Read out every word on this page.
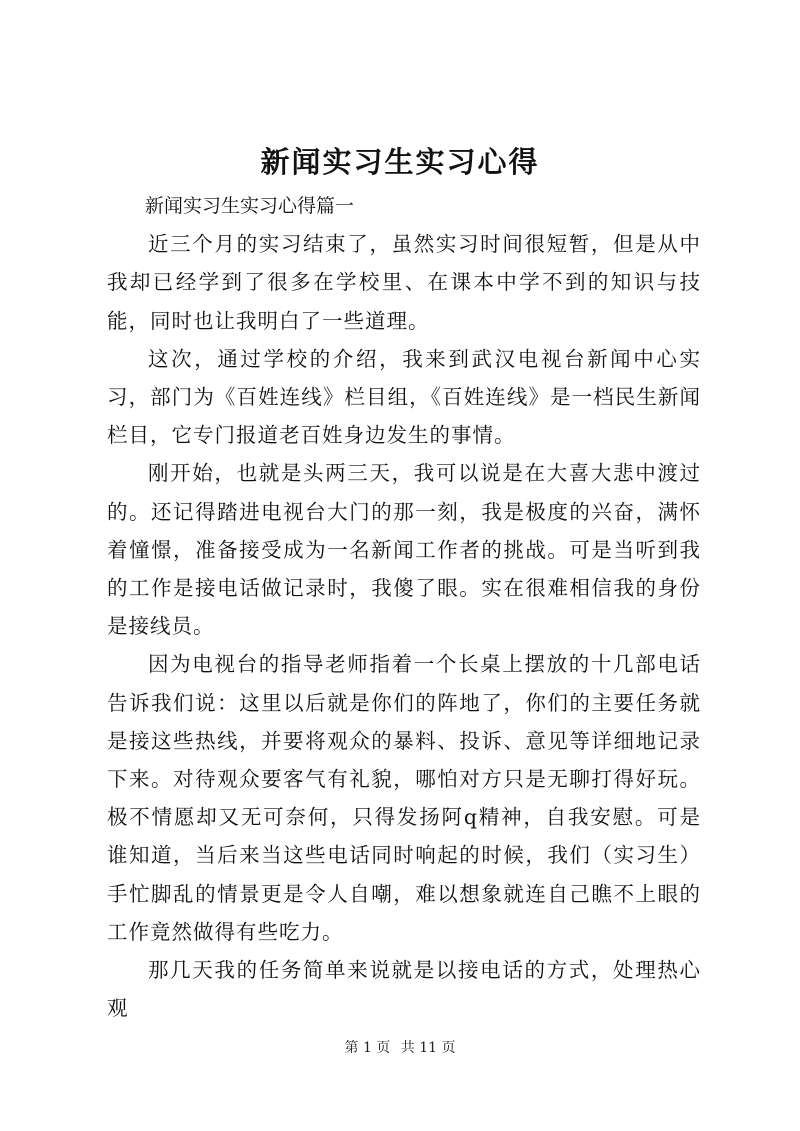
新闻实习生实习心得

新闻实习生实习心得篇一

近三个月的实习结束了，虽然实习时间很短暂，但是从中我却已经学到了很多在学校里、在课本中学不到的知识与技能，同时也让我明白了一些道理。

这次，通过学校的介绍，我来到武汉电视台新闻中心实习，部门为《百姓连线》栏目组，《百姓连线》是一档民生新闻栏目，它专门报道老百姓身边发生的事情。

刚开始，也就是头两三天，我可以说是在大喜大悲中渡过的。还记得踏进电视台大门的那一刻，我是极度的兴奋，满怀着憧憬，准备接受成为一名新闻工作者的挑战。可是当听到我的工作是接电话做记录时，我傻了眼。实在很难相信我的身份是接线员。

因为电视台的指导老师指着一个长桌上摆放的十几部电话告诉我们说：这里以后就是你们的阵地了，你们的主要任务就是接这些热线，并要将观众的暴料、投诉、意见等详细地记录下来。对待观众要客气有礼貌，哪怕对方只是无聊打得好玩。极不情愿却又无可奈何，只得发扬阿q精神，自我安慰。可是谁知道，当后来当这些电话同时响起的时候，我们（实习生）手忙脚乱的情景更是令人自嘲，难以想象就连自己瞧不上眼的工作竟然做得有些吃力。

那几天我的任务简单来说就是以接电话的方式，处理热心观

第 1 页 共 11 页
